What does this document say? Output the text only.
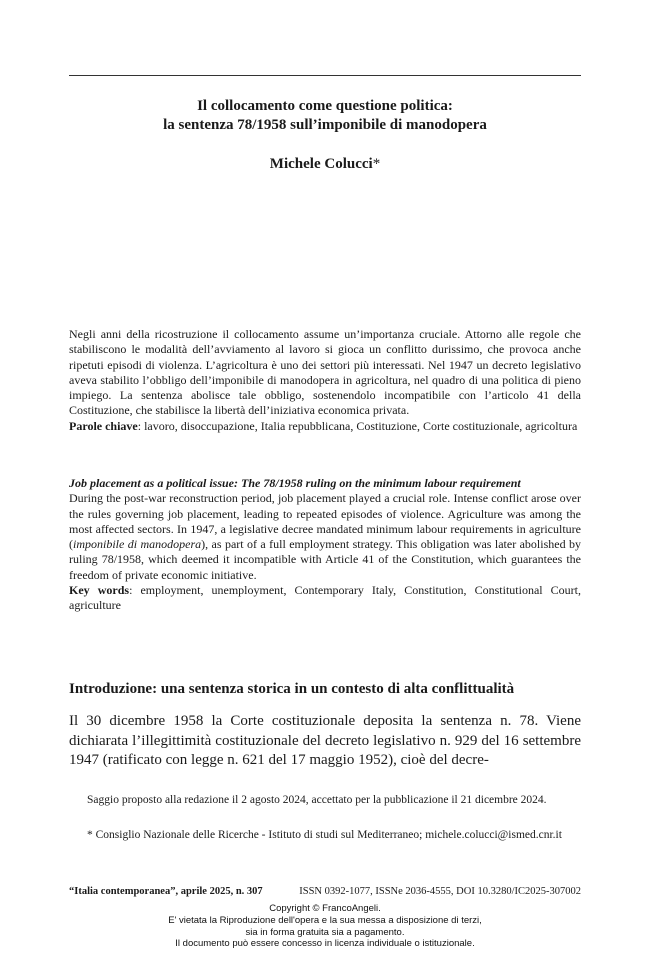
Il collocamento come questione politica:
la sentenza 78/1958 sull’imponibile di manodopera
Michele Colucci*
Negli anni della ricostruzione il collocamento assume un’importanza cruciale. Attorno alle regole che stabiliscono le modalità dell’avviamento al lavoro si gioca un conflitto durissimo, che provoca anche ripetuti episodi di violenza. L’agricoltura è uno dei settori più interessati. Nel 1947 un decreto legislativo aveva stabilito l’obbligo dell’imponibile di manodopera in agricoltura, nel quadro di una politica di pieno impiego. La sentenza abolisce tale obbligo, sostenendolo incompatibile con l’articolo 41 della Costituzione, che stabilisce la libertà dell’iniziativa economica privata.
Parole chiave: lavoro, disoccupazione, Italia repubblicana, Costituzione, Corte costituzionale, agricoltura
Job placement as a political issue: The 78/1958 ruling on the minimum labour requirement
During the post-war reconstruction period, job placement played a crucial role. Intense conflict arose over the rules governing job placement, leading to repeated episodes of violence. Agriculture was among the most affected sectors. In 1947, a legislative decree mandated minimum labour requirements in agriculture (imponibile di manodopera), as part of a full employment strategy. This obligation was later abolished by ruling 78/1958, which deemed it incompatible with Article 41 of the Constitution, which guarantees the freedom of private economic initiative.
Key words: employment, unemployment, Contemporary Italy, Constitution, Constitutional Court, agriculture
Introduzione: una sentenza storica in un contesto di alta conflittualità
Il 30 dicembre 1958 la Corte costituzionale deposita la sentenza n. 78. Viene dichiarata l’illegittimità costituzionale del decreto legislativo n. 929 del 16 settembre 1947 (ratificato con legge n. 621 del 17 maggio 1952), cioè del decre-
Saggio proposto alla redazione il 2 agosto 2024, accettato per la pubblicazione il 21 dicembre 2024.
* Consiglio Nazionale delle Ricerche - Istituto di studi sul Mediterraneo; michele.colucci@ismed.cnr.it
“Italia contemporanea”, aprile 2025, n. 307	ISSN 0392-1077, ISSNe 2036-4555, DOI 10.3280/IC2025-307002
Copyright © FrancoAngeli.
E' vietata la Riproduzione dell'opera e la sua messa a disposizione di terzi,
sia in forma gratuita sia a pagamento.
Il documento può essere concesso in licenza individuale o istituzionale.
